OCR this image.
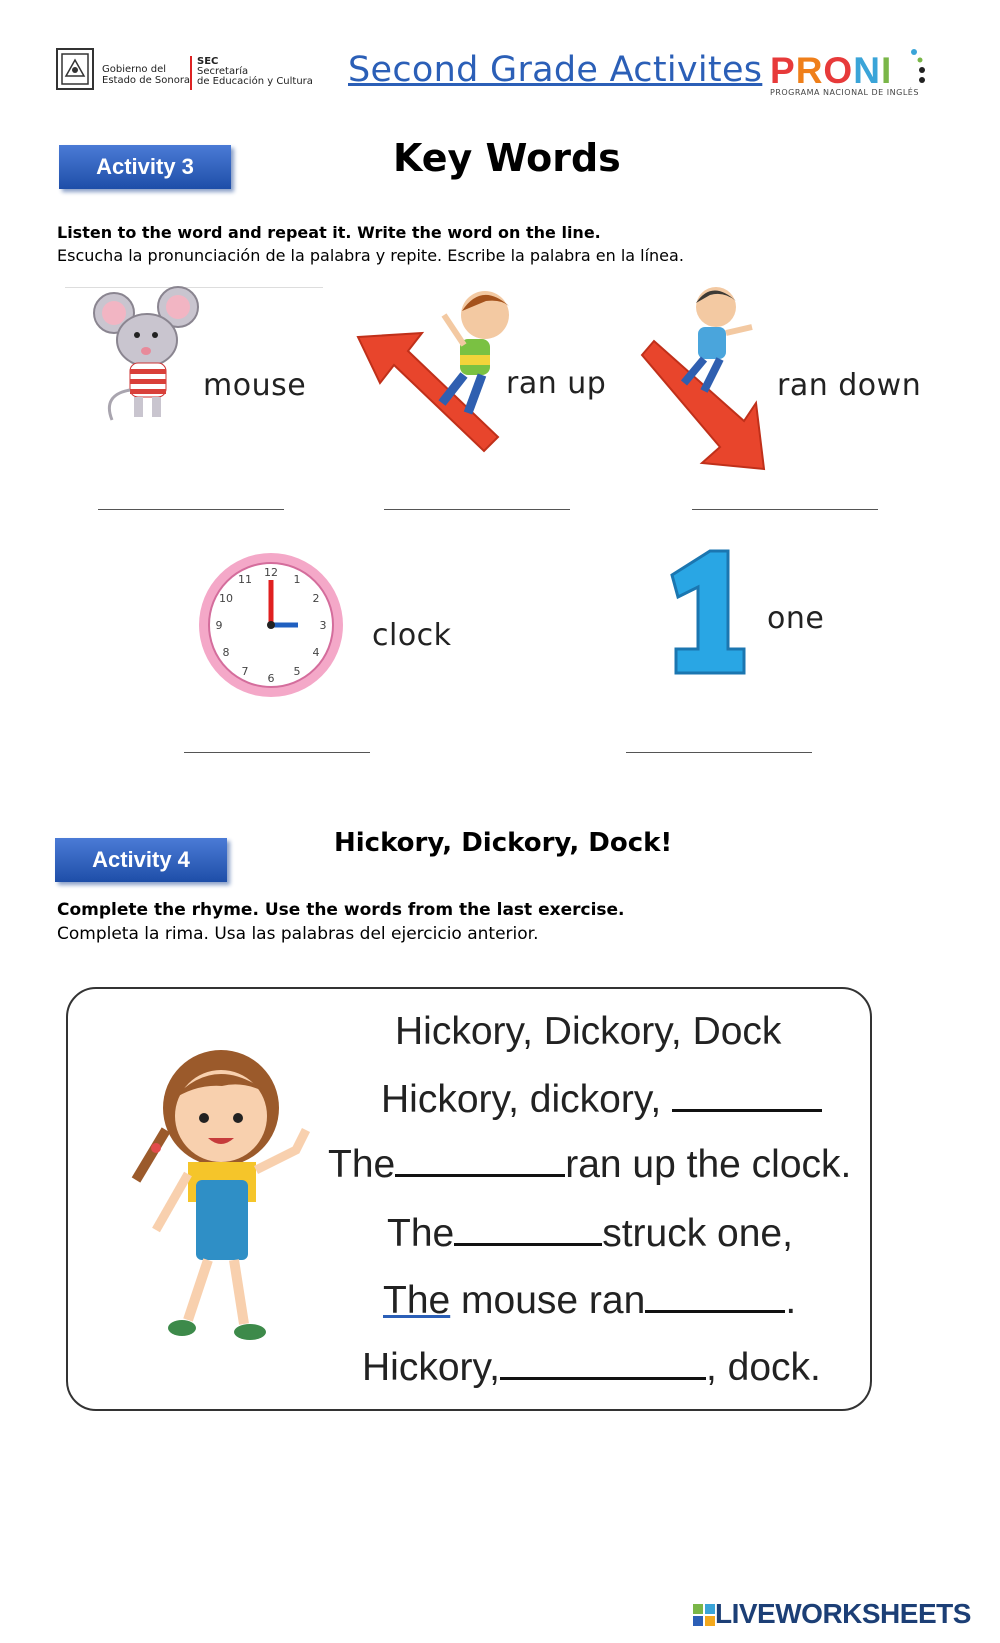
Gobierno del
Estado de Sonora
SEC
Secretaría
de Educación y Cultura Second Grade Activites PRONI
PROGRAMA NACIONAL DE INGLÉS
Activity 3	Key Words
Listen to the word and repeat it. Write the word on the line.
Escucha la pronunciación de la palabra y repite. Escribe la palabra en la línea.
mouse	ran up	ran down
12
1
2
3
4
5
6
7
8
9
10
11
clock	one
Activity 4
Hickory, Dickory, Dock!
Complete the rhyme. Use the words from the last exercise.
Completa la rima. Usa las palabras del ejercicio anterior.
Hickory, Dickory, Dock
Hickory, dickory,
The	ran up the clock.
The	struck one,
The mouse ran	.
Hickory,	, dock.
LIVEWORKSHEETS
